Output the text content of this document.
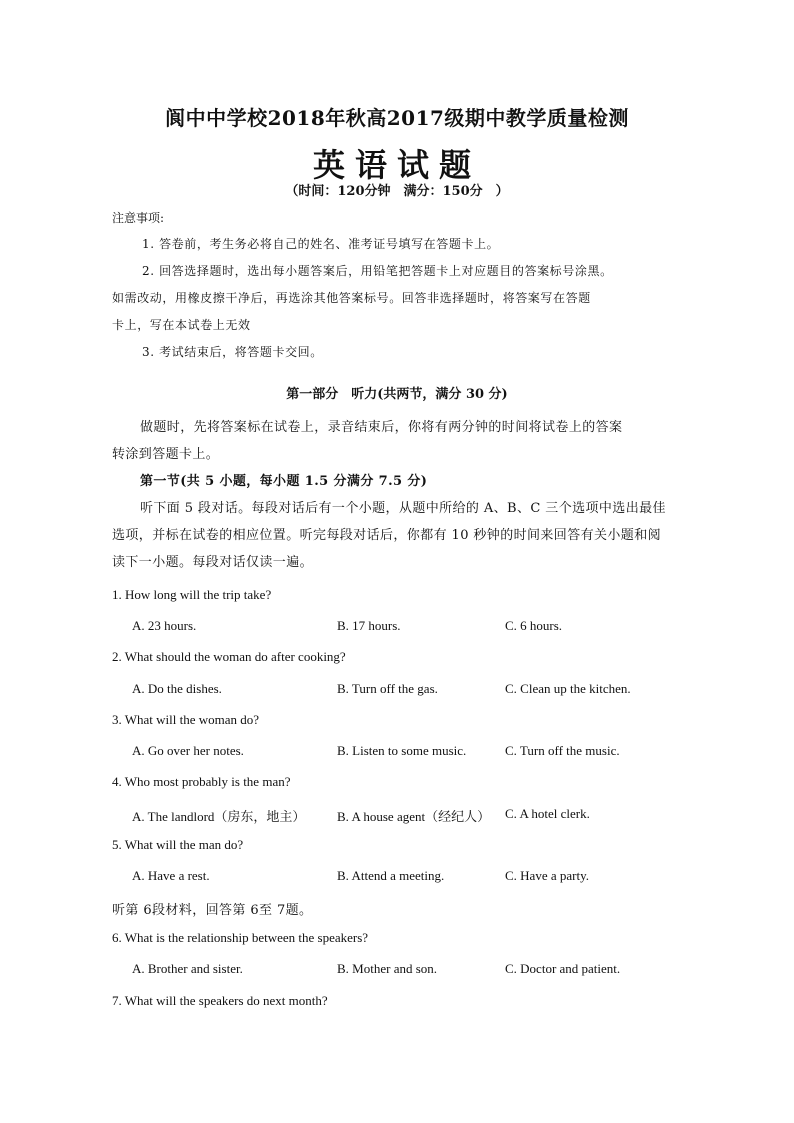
阆中中学校2018年秋高2017级期中教学质量检测
英语试题
（时间：120分钟　满分：150分　）
注意事项:
1. 答卷前，考生务必将自己的姓名、准考证号填写在答题卡上。
2. 回答选择题时，选出每小题答案后，用铅笔把答题卡上对应题目的答案标号涂黑。
如需改动，用橡皮擦干净后，再选涂其他答案标号。回答非选择题时，将答案写在答题
卡上，写在本试卷上无效
3. 考试结束后，将答题卡交回。
第一部分　听力(共两节，满分 30 分)
做题时，先将答案标在试卷上，录音结束后，你将有两分钟的时间将试卷上的答案
转涂到答题卡上。
第一节(共 5 小题，每小题 1.5 分满分 7.5 分)
听下面 5 段对话。每段对话后有一个小题，从题中所给的 A、B、C 三个选项中选出最佳
选项，并标在试卷的相应位置。听完每段对话后，你都有 10 秒钟的时间来回答有关小题和阅
读下一小题。每段对话仅读一遍。
1. How long will the trip take?
A. 23 hours.	B. 17 hours.	C. 6 hours.
2. What should the woman do after cooking?
A. Do the dishes.	B. Turn off the gas.	C. Clean up the kitchen.
3. What will the woman do?
A. Go over her notes.	B. Listen to some music.	C. Turn off the music.
4. Who most probably is the man?
A. The landlord（房东，地主） B. A house agent（经纪人） C. A hotel clerk.
5. What will the man do?
A. Have a rest.	B. Attend a meeting.	C. Have a party.
听第 6段材料，回答第 6至 7题。
6. What is the relationship between the speakers?
A. Brother and sister.	B. Mother and son.	C. Doctor and patient.
7. What will the speakers do next month?
